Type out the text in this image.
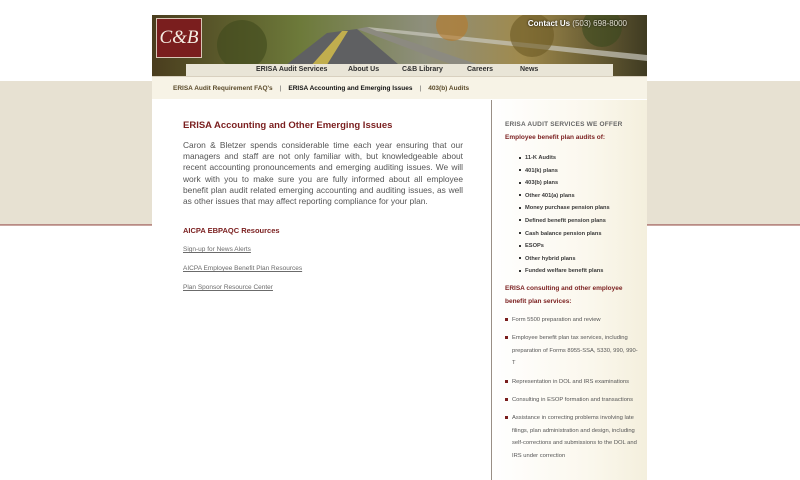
C&B
Contact Us (503) 698-8000
ERISA Audit Services	About Us	C&B Library	Careers	News
ERISA Audit Requirement FAQ's | ERISA Accounting and Emerging Issues | 403(b) Audits
ERISA Accounting and Other Emerging Issues
Caron & Bletzer spends considerable time each year ensuring that our managers and staff are not only familiar with, but knowledgeable about recent accounting pronouncements and emerging auditing issues. We will work with you to make sure you are fully informed about all employee benefit plan audit related emerging accounting and auditing issues, as well as other issues that may affect reporting compliance for your plan.
AICPA EBPAQC Resources
Sign-up for News Alerts
AICPA Employee Benefit Plan Resources
Plan Sponsor Resource Center
ERISA AUDIT SERVICES WE OFFER
Employee benefit plan audits of:
11-K Audits
401(k) plans
403(b) plans
Other 401(a) plans
Money purchase pension plans
Defined benefit pension plans
Cash balance pension plans
ESOPs
Other hybrid plans
Funded welfare benefit plans
ERISA consulting and other employee
benefit plan services:
Form 5500 preparation and review
Employee benefit plan tax services, including preparation of Forms 8955-SSA, 5330, 990, 990-T
Representation in DOL and IRS examinations
Consulting in ESOP formation and transactions
Assistance in correcting problems involving late filings, plan administration and design, including self-corrections and submissions to the DOL and IRS under correction
